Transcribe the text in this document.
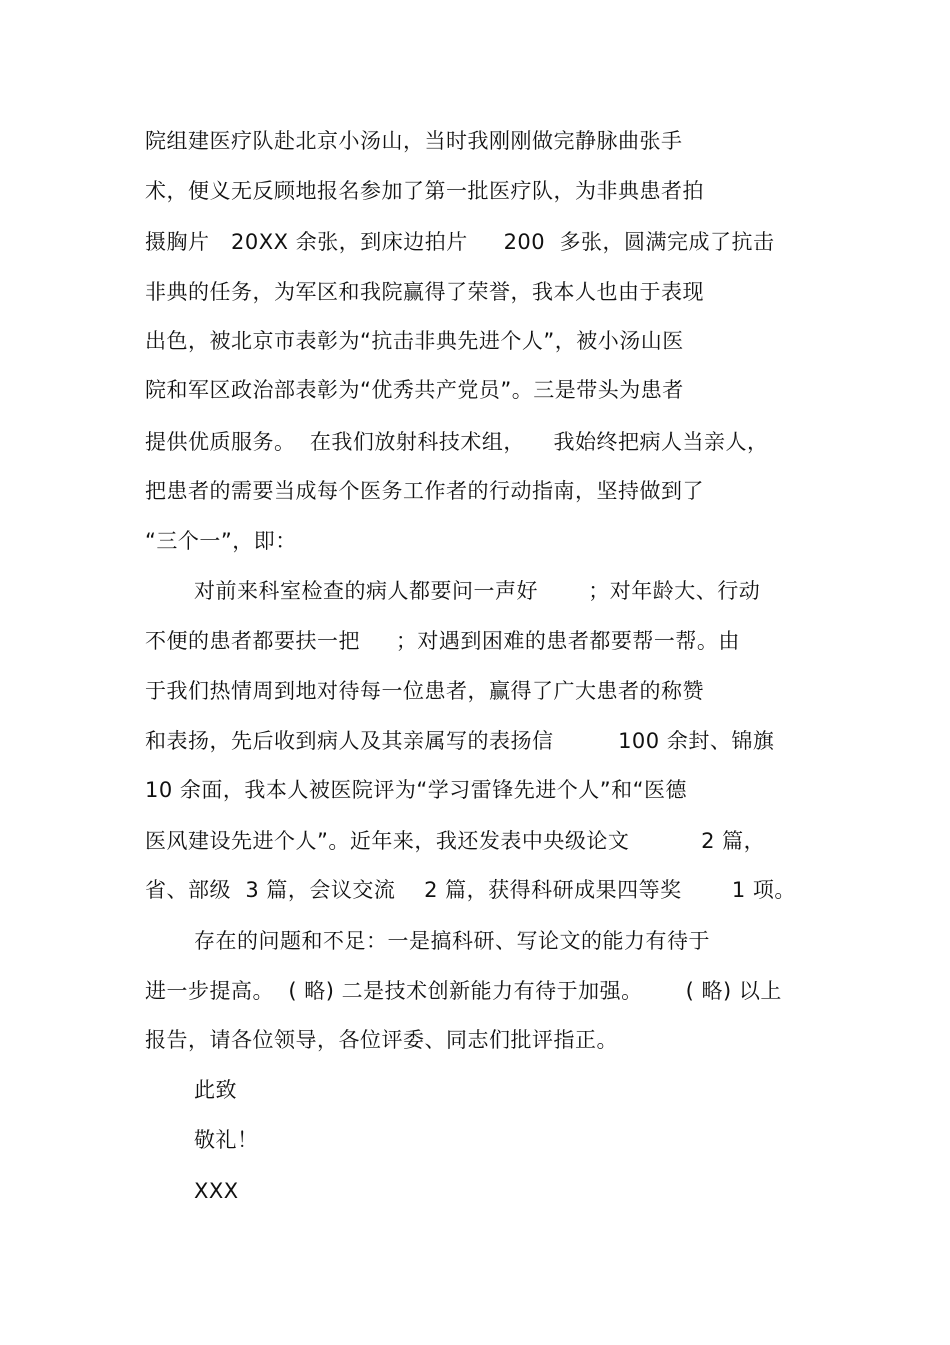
院组建医疗队赴北京小汤山，当时我刚刚做完静脉曲张手
术，便义无反顾地报名参加了第一批医疗队，为非典患者拍
摄胸片   20XX 余张，到床边拍片     200  多张，圆满完成了抗击
非典的任务，为军区和我院赢得了荣誉，我本人也由于表现
出色，被北京市表彰为“抗击非典先进个人”，被小汤山医
院和军区政治部表彰为“优秀共产党员”。三是带头为患者
提供优质服务。  在我们放射科技术组，    我始终把病人当亲人，
把患者的需要当成每个医务工作者的行动指南，坚持做到了
“三个一”，即：
对前来科室检查的病人都要问一声好       ；对年龄大、行动
不便的患者都要扶一把     ；对遇到困难的患者都要帮一帮。由
于我们热情周到地对待每一位患者，赢得了广大患者的称赞
和表扬，先后收到病人及其亲属写的表扬信         100 余封、锦旗
10 余面，我本人被医院评为“学习雷锋先进个人”和“医德
医风建设先进个人”。近年来，我还发表中央级论文          2 篇，
省、部级  3 篇，会议交流    2 篇，获得科研成果四等奖       1 项。
存在的问题和不足：一是搞科研、写论文的能力有待于
进一步提高。  ( 略) 二是技术创新能力有待于加强。      ( 略) 以上
报告，请各位领导，各位评委、同志们批评指正。
此致
敬礼！
XXX
